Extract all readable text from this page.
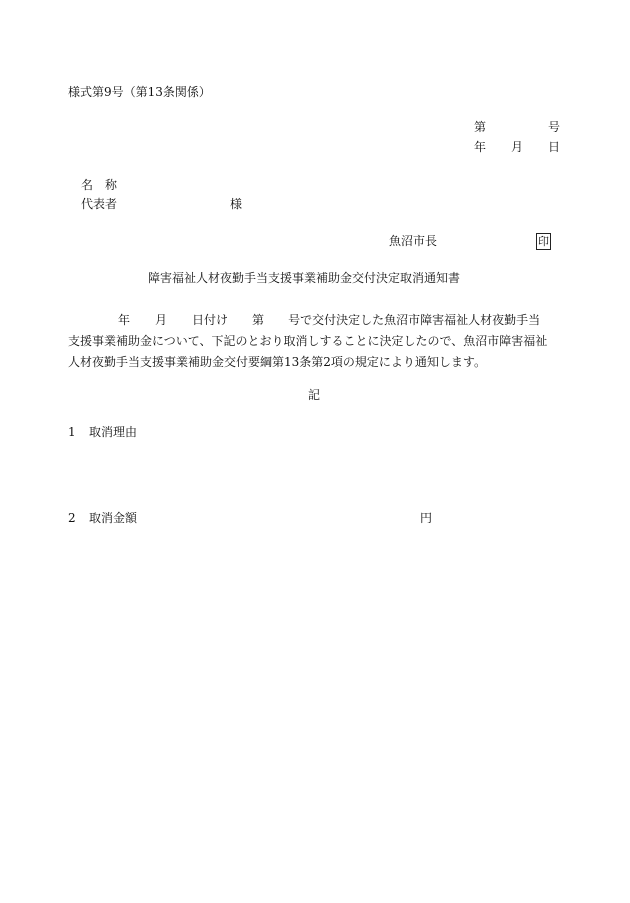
様式第9号（第13条関係）
第	号
年 月 日
名　称
代表者	様
魚沼市長	印
障害福祉人材夜勤手当支援事業補助金交付決定取消通知書
年 月 日付け 第 号で交付決定した魚沼市障害福祉人材夜勤手当
支援事業補助金について、下記のとおり取消しすることに決定したので、魚沼市障害福祉
人材夜勤手当支援事業補助金交付要綱第13条第2項の規定により通知します。
記
1 取消理由
2 取消金額	円
